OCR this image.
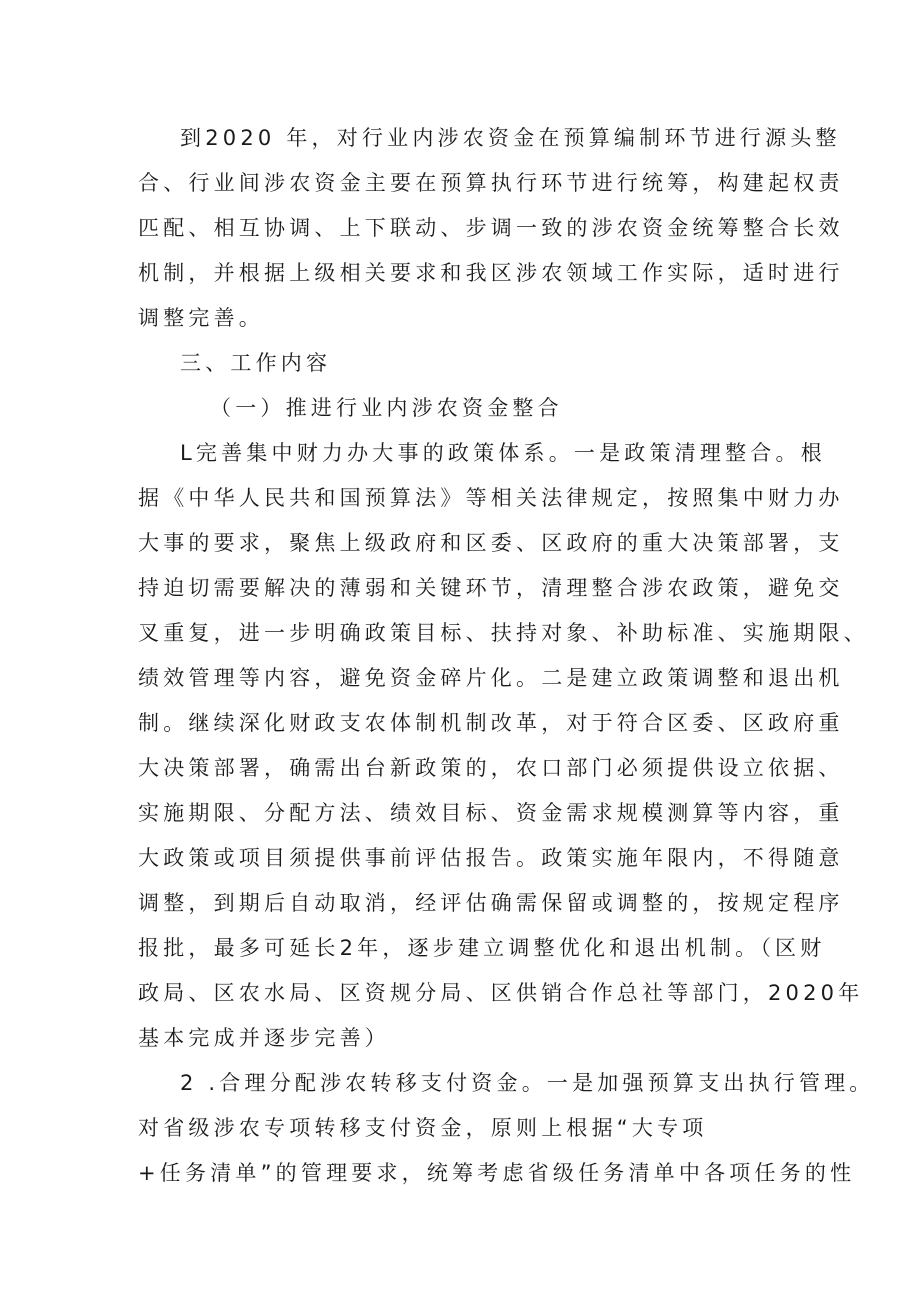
到2020 年，对行业内涉农资金在预算编制环节进行源头整
合、行业间涉农资金主要在预算执行环节进行统筹，构建起权责
匹配、相互协调、上下联动、步调一致的涉农资金统筹整合长效
机制，并根据上级相关要求和我区涉农领域工作实际，适时进行
调整完善。
三、工作内容
（一）推进行业内涉农资金整合
L完善集中财力办大事的政策体系。一是政策清理整合。根
据《中华人民共和国预算法》等相关法律规定，按照集中财力办
大事的要求，聚焦上级政府和区委、区政府的重大决策部署，支
持迫切需要解决的薄弱和关键环节，清理整合涉农政策，避免交
叉重复，进一步明确政策目标、扶持对象、补助标准、实施期限、
绩效管理等内容，避免资金碎片化。二是建立政策调整和退出机
制。继续深化财政支农体制机制改革，对于符合区委、区政府重
大决策部署，确需出台新政策的，农口部门必须提供设立依据、
实施期限、分配方法、绩效目标、资金需求规模测算等内容，重
大政策或项目须提供事前评估报告。政策实施年限内，不得随意
调整，到期后自动取消，经评估确需保留或调整的，按规定程序
报批，最多可延长2年，逐步建立调整优化和退出机制。（区财
政局、区农水局、区资规分局、区供销合作总社等部门，2020年
基本完成并逐步完善）
2 .合理分配涉农转移支付资金。一是加强预算支出执行管理。
对省级涉农专项转移支付资金，原则上根据“大专项
+任务清单”的管理要求，统筹考虑省级任务清单中各项任务的性
